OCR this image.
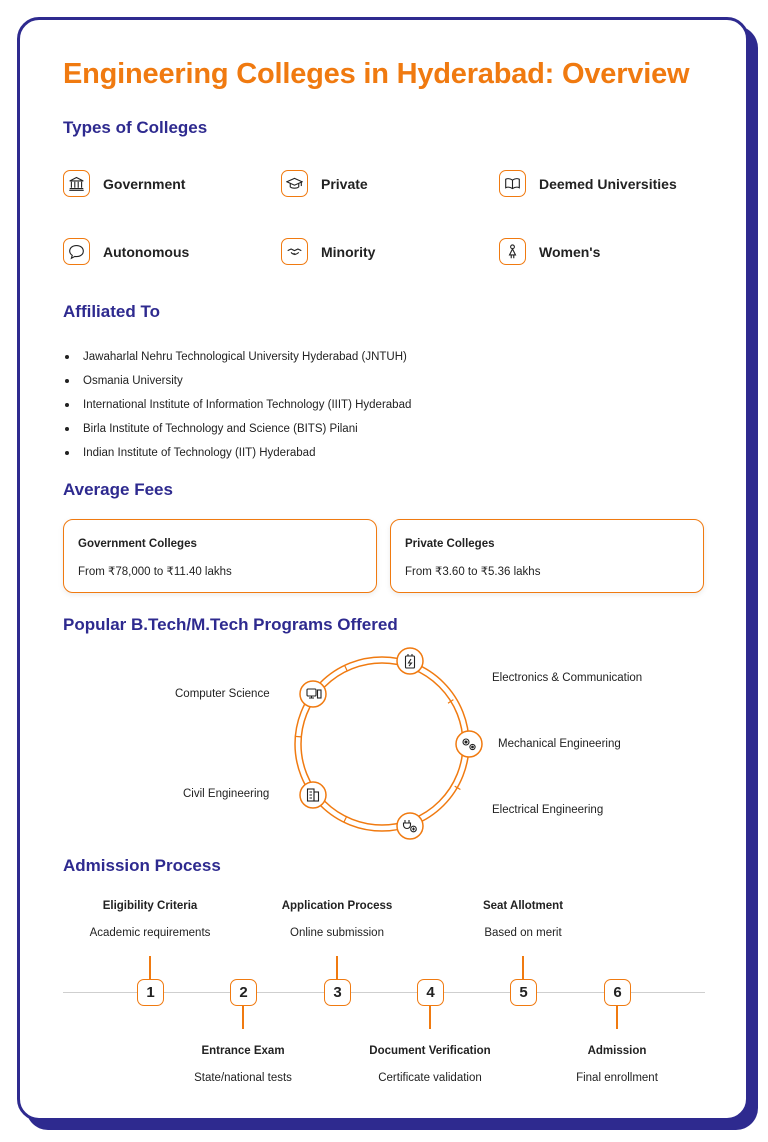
Engineering Colleges in Hyderabad: Overview
Types of Colleges
Government	Private	Deemed Universities
Autonomous	Minority	Women's
Affiliated To
Jawaharlal Nehru Technological University Hyderabad (JNTUH)
Osmania University
International Institute of Information Technology (IIIT) Hyderabad
Birla Institute of Technology and Science (BITS) Pilani
Indian Institute of Technology (IIT) Hyderabad
Average Fees
Government Colleges
From ₹78,000 to ₹11.40 lakhs
Private Colleges
From ₹3.60 to ₹5.36 lakhs
Popular B.Tech/M.Tech Programs Offered
Computer Science
Electronics & Communication
Mechanical Engineering
Electrical Engineering
Civil Engineering
Admission Process
Eligibility Criteria
Academic requirements
1	2
Entrance Exam
State/national tests
Application Process
Online submission
3	4
Document Verification
Certificate validation
Seat Allotment
Based on merit
5	6
Admission
Final enrollment
